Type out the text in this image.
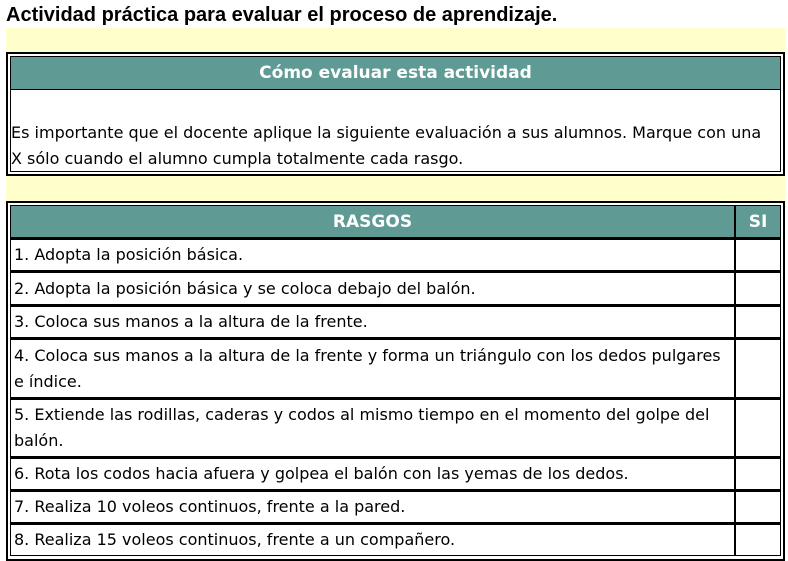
Actividad práctica para evaluar el proceso de aprendizaje.
Cómo evaluar esta actividad
Es importante que el docente aplique la siguiente evaluación a sus alumnos. Marque con una X sólo cuando el alumno cumpla totalmente cada rasgo.
RASGOS	SI
1. Adopta la posición básica.	
2. Adopta la posición básica y se coloca debajo del balón.	
3. Coloca sus manos a la altura de la frente.	
4. Coloca sus manos a la altura de la frente y forma un triángulo con los dedos pulgares e índice.	
5. Extiende las rodillas, caderas y codos al mismo tiempo en el momento del golpe del balón.	
6. Rota los codos hacia afuera y golpea el balón con las yemas de los dedos.	
7. Realiza 10 voleos continuos, frente a la pared.	
8. Realiza 15 voleos continuos, frente a un compañero.	
